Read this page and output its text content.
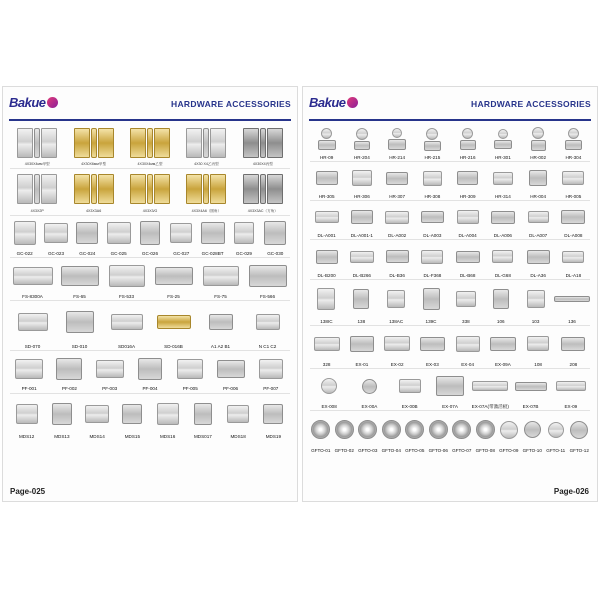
Bakue	HARDWARE ACCESSORIES
4X30X4мм甲型	4X30X6мм甲型	4X30X4мм乙型	4X30 X4乙丙型	4X30X4丙型
4X3X2P	4X3X3A6	4X3X3/G	4X3X4A6（圆角）	4X3X3AC（方角）
GC-022	GC-023	GC-024	GC-025	GC-026	GC-027	GC-028BT	GC-029	GC-030
FS-8300A	FS-65	FS-533	FS-25	FS-75	FS-566
SD-070	SD-010	SD016A	SD-016B	A1 A2 B1	N C1 C2
PF-001	PF-002	PF-003	PF-004	PF-005	PF-006	PF-007
MDS12	MDS13	MDS14	MDS15	MDS16	MDS017	MDS18	MDS19
Page-025
Bakue	HARDWARE ACCESSORIES
HR-09	HR-204	HR-214	HR-215	HR-216	HR-301	HR-002	HR-304
HR-305	HR-306	HR-307	HR-308	HR-309	HR-314	HR-004	HR-005
DL-A001	DL-A001-1	DL-A002	DL-A003	DL-A004	DL-A006	DL-A007	DL-A008
DL-B200	DL-B266	DL-B36	DL-F368	DL-B68	DL-G68	DL-A36	DL-A18
138IC	138	138AC	139C	338	106	103	136
328	EX-01	EX-02	EX-03	EX-04	EX-09A	108	208
EX-008	EX-00A	EX-00B	EX-07A	EX-07A(带激活板)	EX-07B	EX-09
GFTO-01 GFTO-02 GFTO-03 GFTO-04 GFTO-05 GFTO-06 GFTO-07 GFTO-08 GFTO-09 GFTO-10 GFTO-11 GFTO-12
Page-026
